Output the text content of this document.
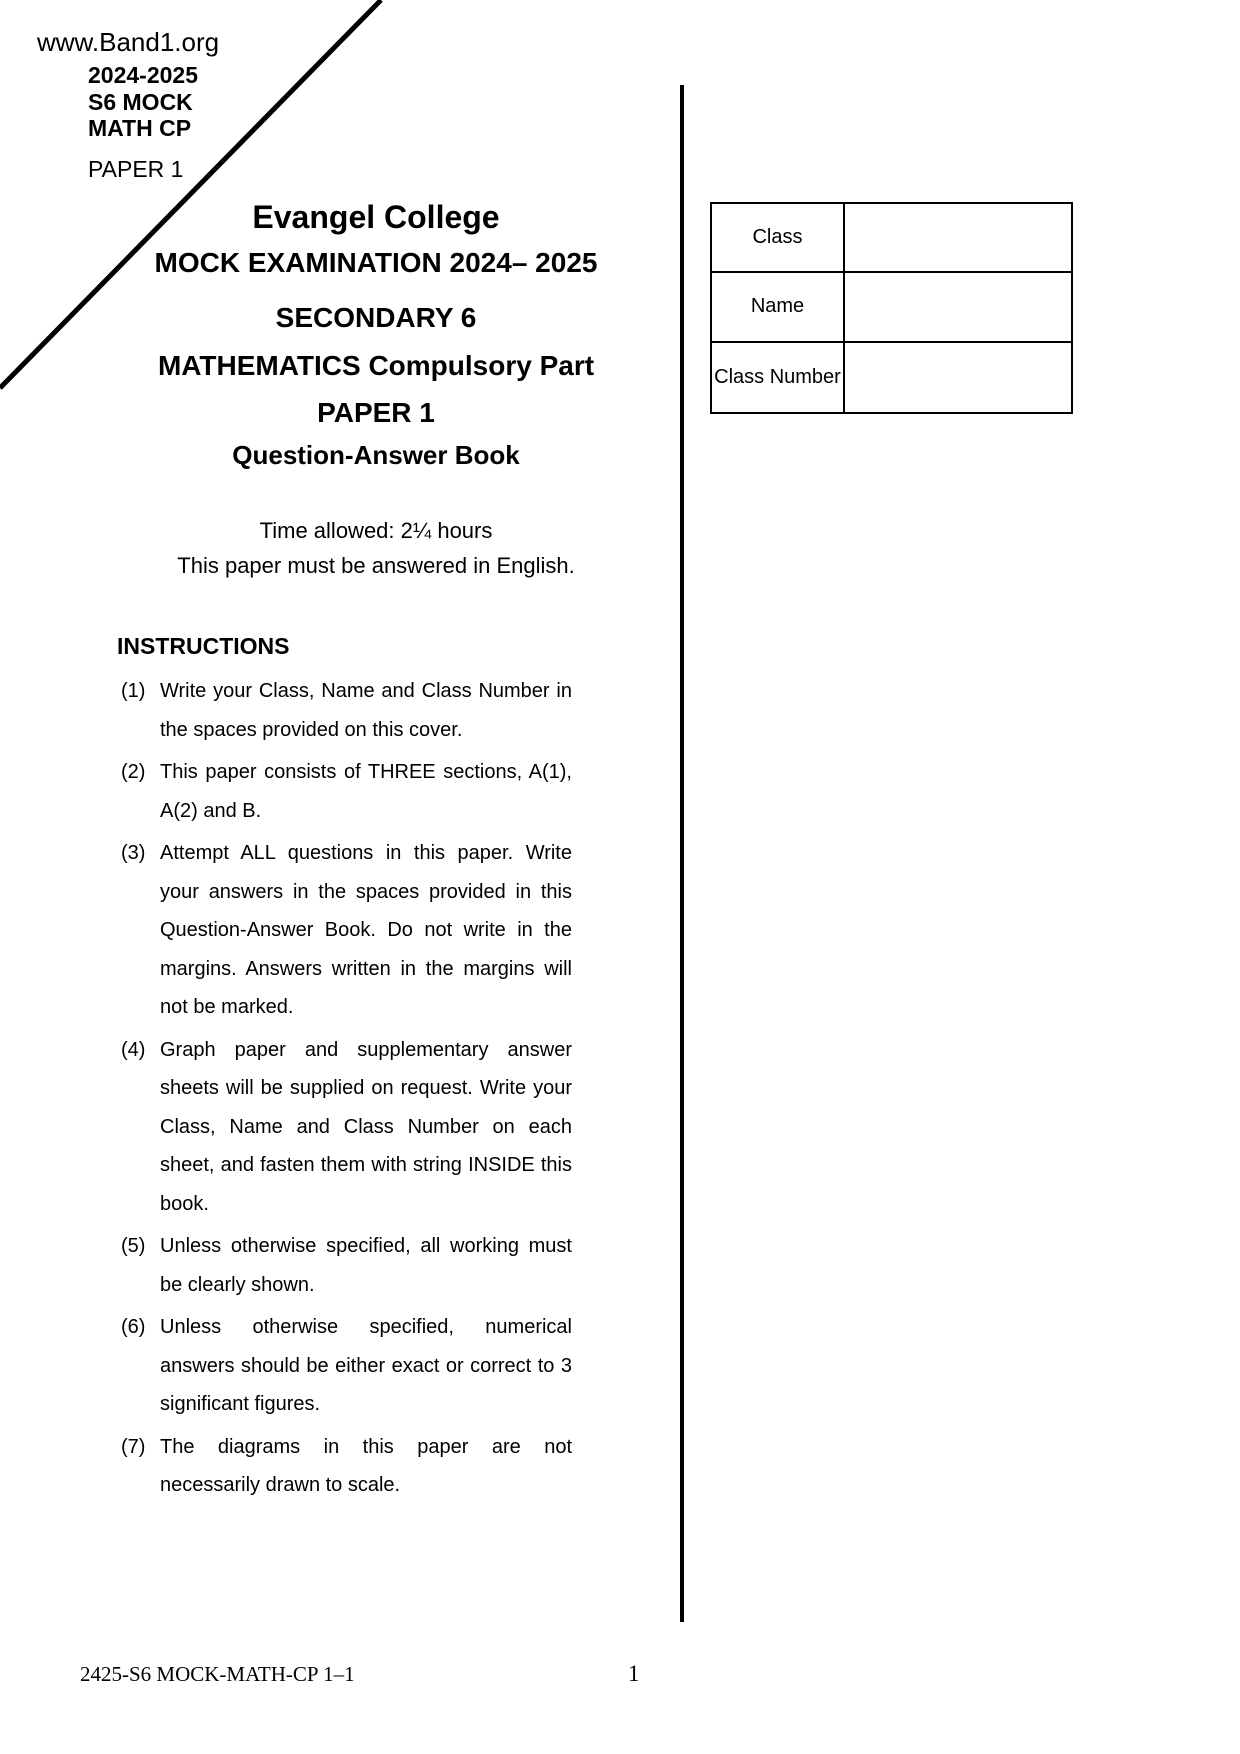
www.Band1.org
2024-2025
S6 MOCK
MATH CP
PAPER 1
Evangel College
MOCK EXAMINATION 2024– 2025
SECONDARY 6
MATHEMATICS Compulsory Part
PAPER 1
Question-Answer Book
Time allowed: 2¼ hours
This paper must be answered in English.
Class
Name
Class Number
INSTRUCTIONS
(1) Write your Class, Name and Class Number in
the spaces provided on this cover.
(2) This paper consists of THREE sections, A(1),
A(2) and B.
(3) Attempt ALL questions in this paper. Write
your answers in the spaces provided in this
Question-Answer Book. Do not write in the
margins. Answers written in the margins will
not be marked.
(4) Graph paper and supplementary answer
sheets will be supplied on request. Write your
Class, Name and Class Number on each
sheet, and fasten them with string INSIDE this
book.
(5) Unless otherwise specified, all working must
be clearly shown.
(6) Unless otherwise specified, numerical
answers should be either exact or correct to 3
significant figures.
(7) The diagrams in this paper are not
necessarily drawn to scale.
2425-S6 MOCK-MATH-CP 1–1	1
